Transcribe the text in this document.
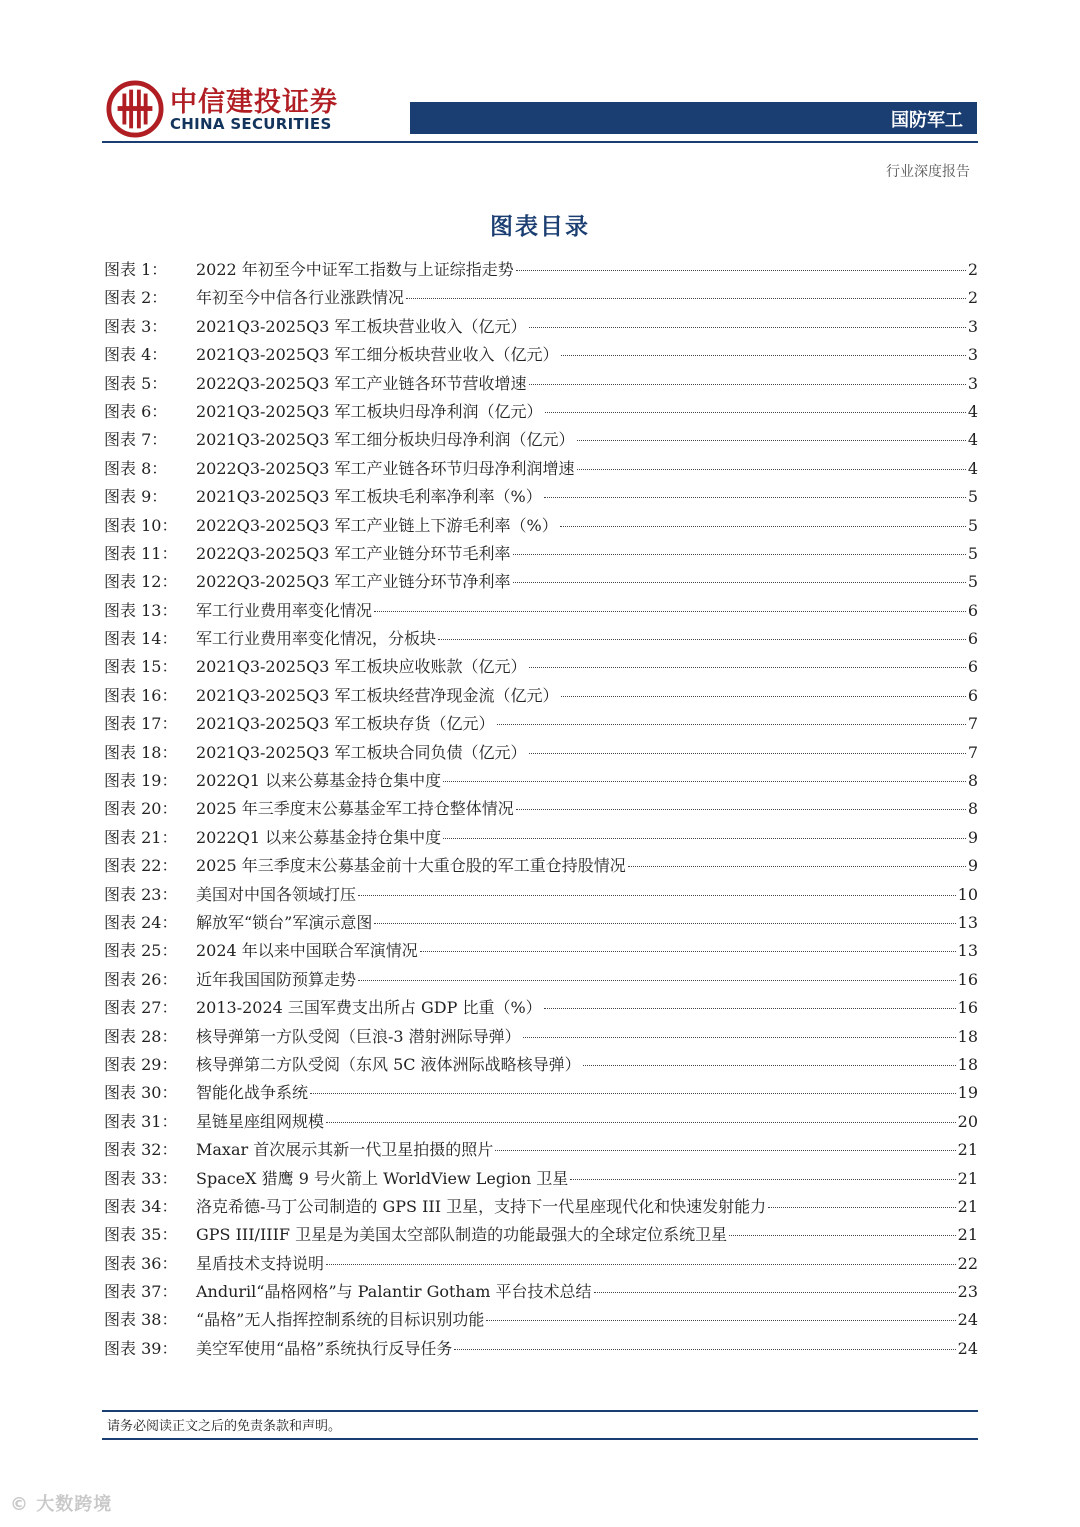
中信建投证券
CHINA SECURITIES	国防军工
行业深度报告
图表目录
图表 1：	2022 年初至今中证军工指数与上证综指走势	2
图表 2：	年初至今中信各行业涨跌情况	2
图表 3：	2021Q3-2025Q3 军工板块营业收入（亿元）	3
图表 4：	2021Q3-2025Q3 军工细分板块营业收入（亿元）	3
图表 5：	2022Q3-2025Q3 军工产业链各环节营收增速	3
图表 6：	2021Q3-2025Q3 军工板块归母净利润（亿元）	4
图表 7：	2021Q3-2025Q3 军工细分板块归母净利润（亿元）	4
图表 8：	2022Q3-2025Q3 军工产业链各环节归母净利润增速	4
图表 9：	2021Q3-2025Q3 军工板块毛利率净利率（%）	5
图表 10：	2022Q3-2025Q3 军工产业链上下游毛利率（%）	5
图表 11：	2022Q3-2025Q3 军工产业链分环节毛利率	5
图表 12：	2022Q3-2025Q3 军工产业链分环节净利率	5
图表 13：	军工行业费用率变化情况	6
图表 14：	军工行业费用率变化情况，分板块	6
图表 15：	2021Q3-2025Q3 军工板块应收账款（亿元）	6
图表 16：	2021Q3-2025Q3 军工板块经营净现金流（亿元）	6
图表 17：	2021Q3-2025Q3 军工板块存货（亿元）	7
图表 18：	2021Q3-2025Q3 军工板块合同负债（亿元）	7
图表 19：	2022Q1 以来公募基金持仓集中度	8
图表 20：	2025 年三季度末公募基金军工持仓整体情况	8
图表 21：	2022Q1 以来公募基金持仓集中度	9
图表 22：	2025 年三季度末公募基金前十大重仓股的军工重仓持股情况	9
图表 23：	美国对中国各领域打压	10
图表 24：	解放军“锁台”军演示意图	13
图表 25：	2024 年以来中国联合军演情况	13
图表 26：	近年我国国防预算走势	16
图表 27：	2013-2024 三国军费支出所占 GDP 比重（%）	16
图表 28：	核导弹第一方队受阅（巨浪-3 潜射洲际导弹）	18
图表 29：	核导弹第二方队受阅（东风 5C 液体洲际战略核导弹）	18
图表 30：	智能化战争系统	19
图表 31：	星链星座组网规模	20
图表 32：	Maxar 首次展示其新一代卫星拍摄的照片	21
图表 33：	SpaceX 猎鹰 9 号火箭上 WorldView Legion 卫星	21
图表 34：	洛克希德-马丁公司制造的 GPS III 卫星，支持下一代星座现代化和快速发射能力	21
图表 35：	GPS III/IIIF 卫星是为美国太空部队制造的功能最强大的全球定位系统卫星	21
图表 36：	星盾技术支持说明	22
图表 37：	Anduril“晶格网格”与 Palantir Gotham 平台技术总结	23
图表 38：	“晶格”无人指挥控制系统的目标识别功能	24
图表 39：	美空军使用“晶格”系统执行反导任务	24
请务必阅读正文之后的免责条款和声明。
© 大数跨境
